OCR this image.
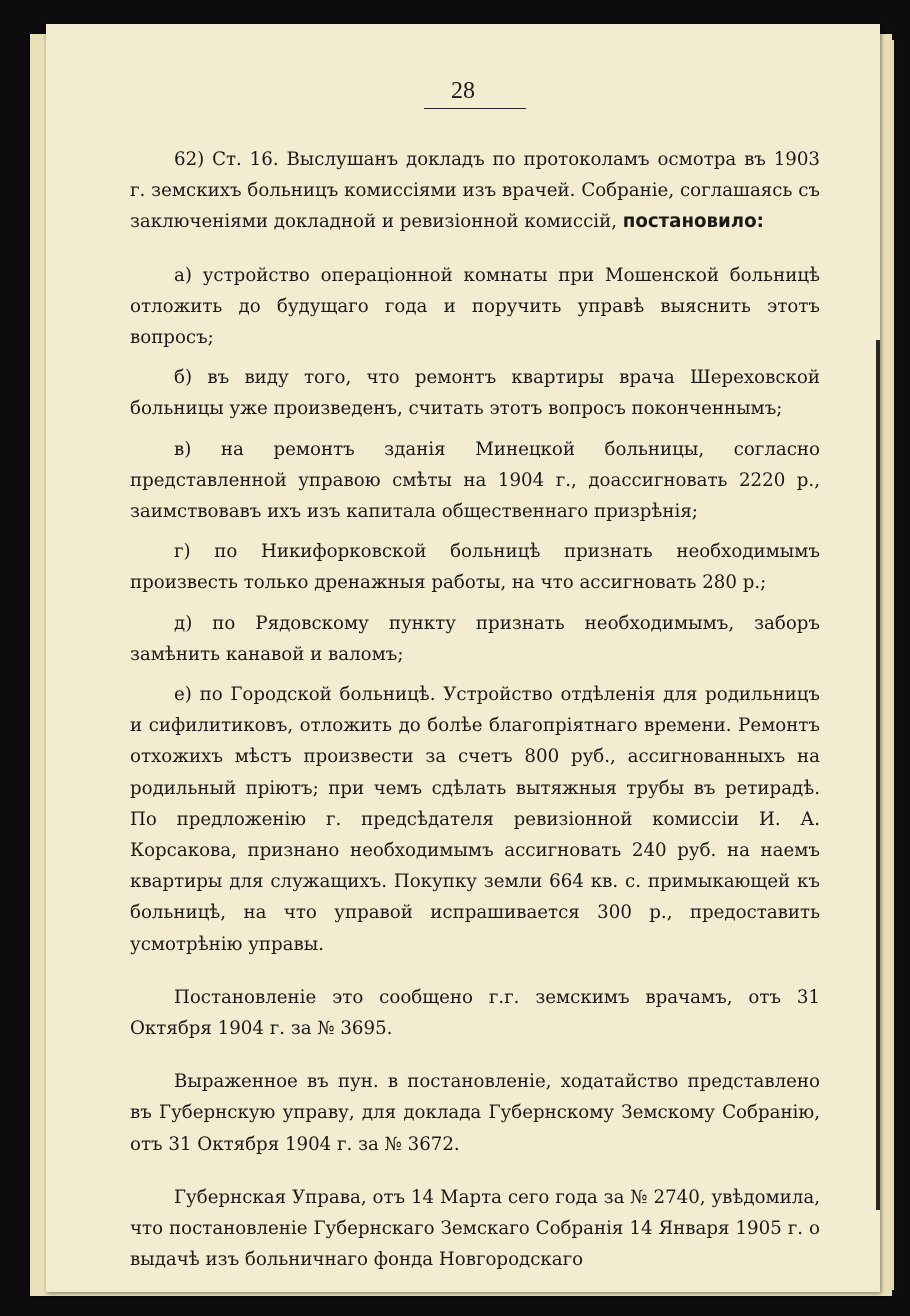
28

62) Ст. 16. Выслушанъ докладъ по протоколамъ осмотра въ 1903 г. земскихъ больницъ комиссіями изъ врачей. Собраніе, соглашаясь съ заключеніями докладной и ревизіонной комиссій, постановило:

а) устройство операціонной комнаты при Мошенской больницѣ отложить до будущаго года и поручить управѣ выяснить этотъ вопросъ;

б) въ виду того, что ремонтъ квартиры врача Шереховской больницы уже произведенъ, считать этотъ вопросъ поконченнымъ;

в) на ремонтъ зданія Минецкой больницы, согласно представленной управою смѣты на 1904 г., доассигновать 2220 р., заимствовавъ ихъ изъ капитала общественнаго призрѣнія;

г) по Никифорковской больницѣ признать необходимымъ произвесть только дренажныя работы, на что ассигновать 280 р.;

д) по Рядовскому пункту признать необходимымъ, заборъ замѣнить канавой и валомъ;

е) по Городской больницѣ. Устройство отдѣленія для родильницъ и сифилитиковъ, отложить до болѣе благопріятнаго времени. Ремонтъ отхожихъ мѣстъ произвести за счетъ 800 руб., ассигнованныхъ на родильный пріютъ; при чемъ сдѣлать вытяжныя трубы въ ретирадѣ. По предложенію г. предсѣдателя ревизіонной комиссіи И. А. Корсакова, признано необходимымъ ассигновать 240 руб. на наемъ квартиры для служащихъ. Покупку земли 664 кв. с. примыкающей къ больницѣ, на что управой испрашивается 300 р., предоставить усмотрѣнію управы.

Постановленіе это сообщено г.г. земскимъ врачамъ, отъ 31 Октября 1904 г. за № 3695.

Выраженное въ пун. в постановленіе, ходатайство представлено въ Губернскую управу, для доклада Губернскому Земскому Собранію, отъ 31 Октября 1904 г. за № 3672.

Губернская Управа, отъ 14 Марта сего года за № 2740, увѣдомила, что постановленіе Губернскаго Земскаго Собранія 14 Января 1905 г. о выдачѣ изъ больничнаго фонда Новгородскаго
